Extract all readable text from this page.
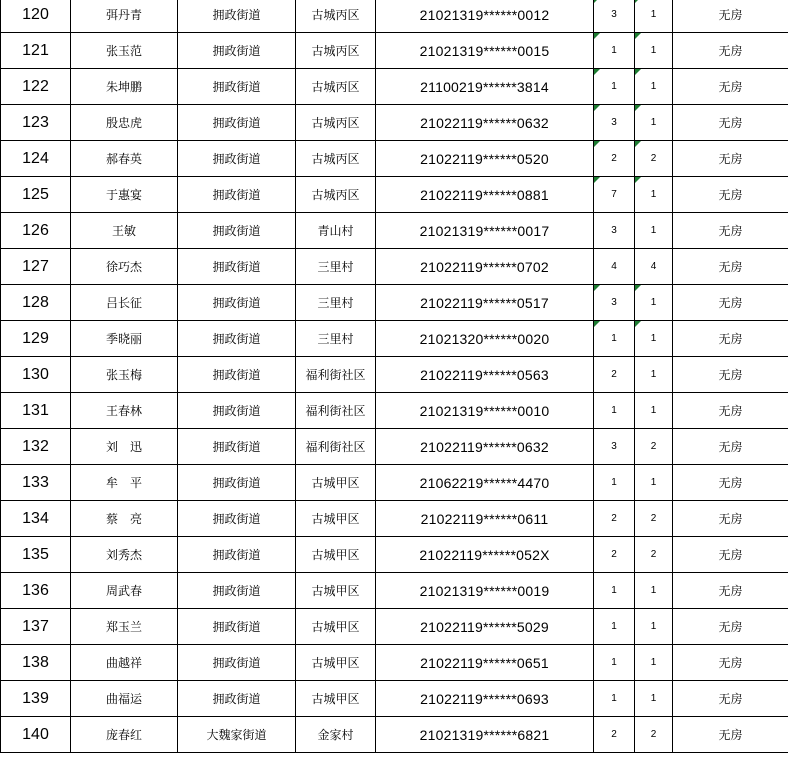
120	弭丹青	拥政街道	古城丙区	21021319******0012	3	1	无房
121	张玉范	拥政街道	古城丙区	21021319******0015	1	1	无房
122	朱坤鹏	拥政街道	古城丙区	21100219******3814	1	1	无房
123	殷忠虎	拥政街道	古城丙区	21022119******0632	3	1	无房
124	郝春英	拥政街道	古城丙区	21022119******0520	2	2	无房
125	于惠宴	拥政街道	古城丙区	21022119******0881	7	1	无房
126	王敏	拥政街道	青山村	21021319******0017	3	1	无房
127	徐巧杰	拥政街道	三里村	21022119******0702	4	4	无房
128	吕长征	拥政街道	三里村	21022119******0517	3	1	无房
129	季晓丽	拥政街道	三里村	21021320******0020	1	1	无房
130	张玉梅	拥政街道	福利街社区	21022119******0563	2	1	无房
131	王春林	拥政街道	福利街社区	21021319******0010	1	1	无房
132	刘　迅	拥政街道	福利街社区	21022119******0632	3	2	无房
133	牟　平	拥政街道	古城甲区	21062219******4470	1	1	无房
134	蔡　亮	拥政街道	古城甲区	21022119******0611	2	2	无房
135	刘秀杰	拥政街道	古城甲区	21022119******052X	2	2	无房
136	周武春	拥政街道	古城甲区	21021319******0019	1	1	无房
137	郑玉兰	拥政街道	古城甲区	21022119******5029	1	1	无房
138	曲越祥	拥政街道	古城甲区	21022119******0651	1	1	无房
139	曲福运	拥政街道	古城甲区	21022119******0693	1	1	无房
140	庞春红	大魏家街道	金家村	21021319******6821	2	2	无房
